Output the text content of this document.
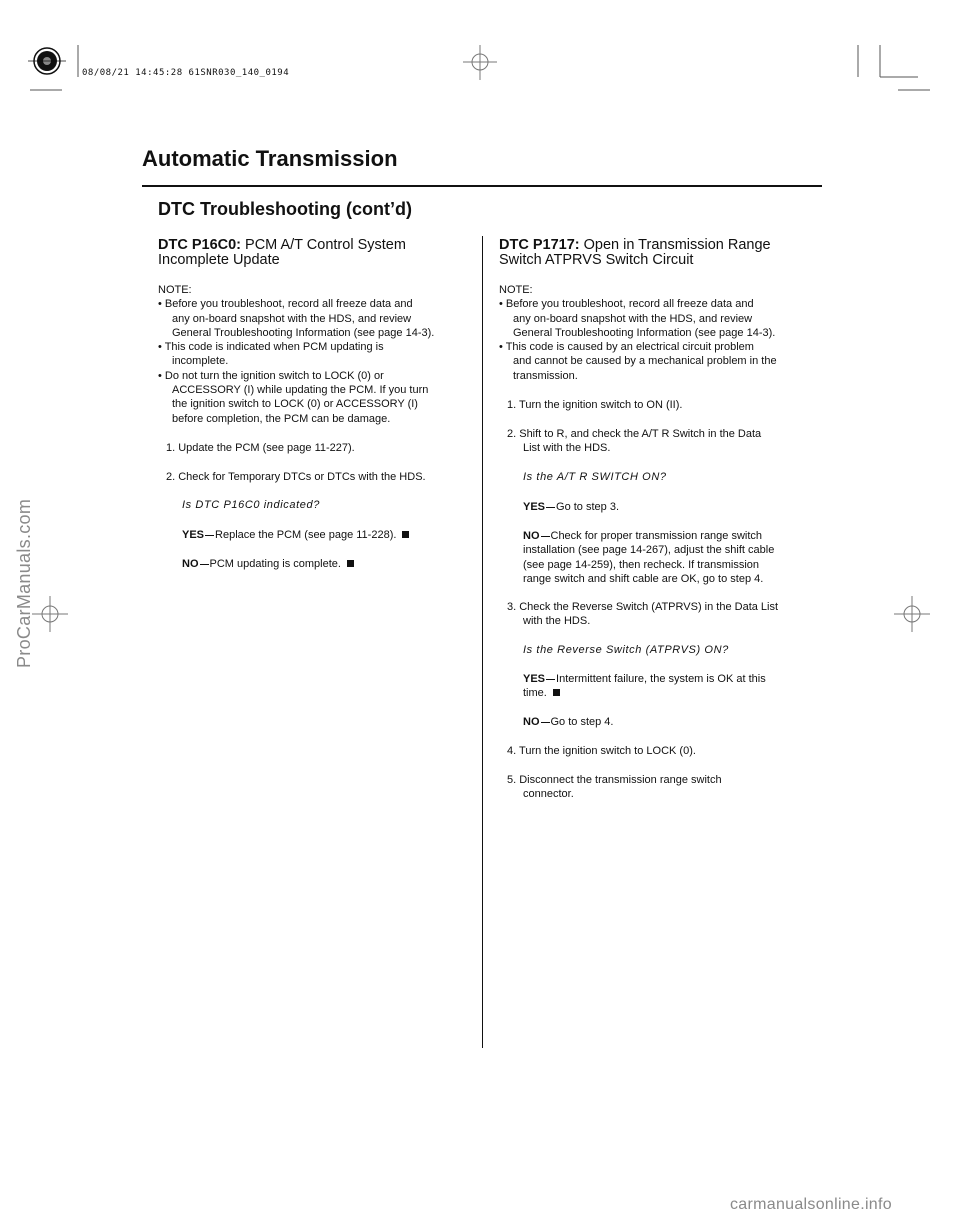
08/08/21 14:45:28 61SNR030_140_0194
Automatic Transmission
DTC Troubleshooting (cont’d)
DTC P16C0: PCM A/T Control System
Incomplete Update
NOTE:
• Before you troubleshoot, record all freeze data and
any on-board snapshot with the HDS, and review
General Troubleshooting Information (see page 14-3).
• This code is indicated when PCM updating is
incomplete.
• Do not turn the ignition switch to LOCK (0) or
ACCESSORY (I) while updating the PCM. If you turn
the ignition switch to LOCK (0) or ACCESSORY (I)
before completion, the PCM can be damage.
1. Update the PCM (see page 11-227).
2. Check for Temporary DTCs or DTCs with the HDS.
Is DTC P16C0 indicated?
YES Replace the PCM (see page 11-228).
NO PCM updating is complete.
DTC P1717: Open in Transmission Range
Switch ATPRVS Switch Circuit
NOTE:
• Before you troubleshoot, record all freeze data and
any on-board snapshot with the HDS, and review
General Troubleshooting Information (see page 14-3).
• This code is caused by an electrical circuit problem
and cannot be caused by a mechanical problem in the
transmission.
1. Turn the ignition switch to ON (II).
2. Shift to R, and check the A/T R Switch in the Data
List with the HDS.
Is the A/T R SWITCH ON?
YES Go to step 3.
NO Check for proper transmission range switch
installation (see page 14-267), adjust the shift cable
(see page 14-259), then recheck. If transmission
range switch and shift cable are OK, go to step 4.
3. Check the Reverse Switch (ATPRVS) in the Data List
with the HDS.
Is the Reverse Switch (ATPRVS) ON?
YES Intermittent failure, the system is OK at this
time.
NO Go to step 4.
4. Turn the ignition switch to LOCK (0).
5. Disconnect the transmission range switch
connector.
ProCarManuals.com
carmanualsonline.info
